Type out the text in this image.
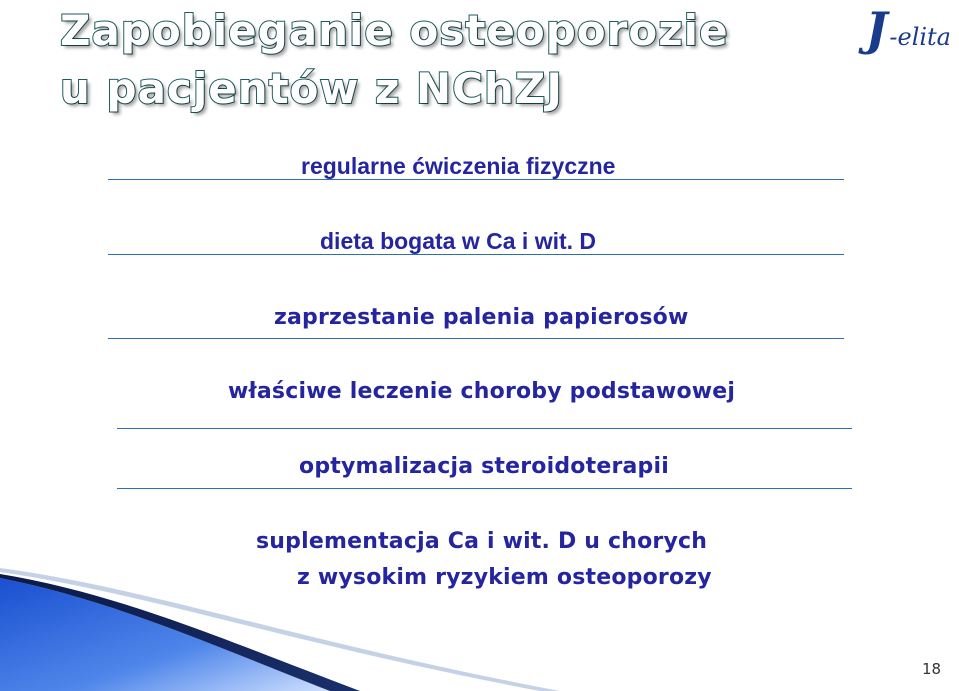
Zapobieganie osteoporozie
u pacjentów z NChZJ
J-elita

regularne ćwiczenia fizyczne

dieta bogata w Ca i wit. D

zaprzestanie palenia papierosów

właściwe leczenie choroby podstawowej

optymalizacja steroidoterapii

suplementacja Ca i wit. D u chorych

z wysokim ryzykiem osteoporozy

18
